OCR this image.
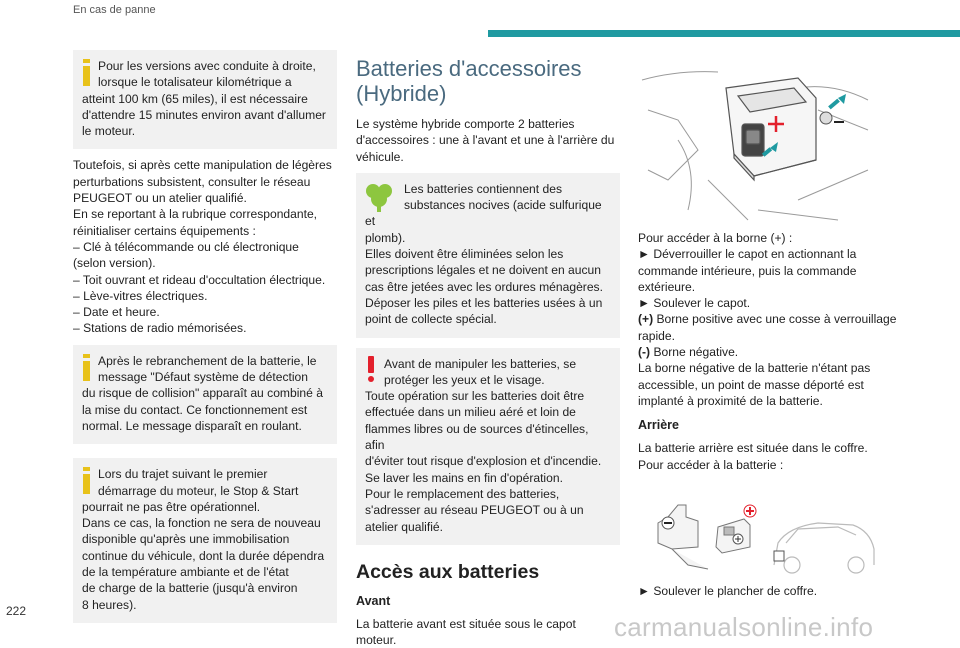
En cas de panne

Pour les versions avec conduite à droite,

lorsque le totalisateur kilométrique a

atteint 100 km (65 miles), il est nécessaire

d'attendre 15 minutes environ avant d'allumer

le moteur.

Toutefois, si après cette manipulation de légères

perturbations subsistent, consulter le réseau

PEUGEOT ou un atelier qualifié.

En se reportant à la rubrique correspondante,

réinitialiser certains équipements :

– Clé à télécommande ou clé électronique

(selon version).

– Toit ouvrant et rideau d'occultation électrique.

– Lève-vitres électriques.

– Date et heure.

– Stations de radio mémorisées.

Après le rebranchement de la batterie, le

message "Défaut système de détection

du risque de collision" apparaît au combiné à

la mise du contact. Ce fonctionnement est

normal. Le message disparaît en roulant.

Lors du trajet suivant le premier

démarrage du moteur, le Stop & Start

pourrait ne pas être opérationnel.

Dans ce cas, la fonction ne sera de nouveau

disponible qu'après une immobilisation

continue du véhicule, dont la durée dépendra

de la température ambiante et de l'état

de charge de la batterie (jusqu'à environ

8 heures).

Batteries d'accessoires
(Hybride)

Le système hybride comporte 2 batteries

d'accessoires : une à l'avant et une à l'arrière du

véhicule.

Les batteries contiennent des

substances nocives (acide sulfurique et

plomb).

Elles doivent être éliminées selon les

prescriptions légales et ne doivent en aucun

cas être jetées avec les ordures ménagères.

Déposer les piles et les batteries usées à un

point de collecte spécial.

Avant de manipuler les batteries, se

protéger les yeux et le visage.

Toute opération sur les batteries doit être

effectuée dans un milieu aéré et loin de

flammes libres ou de sources d'étincelles, afin

d'éviter tout risque d'explosion et d'incendie.

Se laver les mains en fin d'opération.

Pour le remplacement des batteries,

s'adresser au réseau PEUGEOT ou à un

atelier qualifié.

Accès aux batteries
Avant

La batterie avant est située sous le capot

moteur.

Pour accéder à la borne (+) :

► Déverrouiller le capot en actionnant la

commande intérieure, puis la commande

extérieure.

► Soulever le capot.

(+) Borne positive avec une cosse à verrouillage

rapide.

(-) Borne négative.

La borne négative de la batterie n'étant pas

accessible, un point de masse déporté est

implanté à proximité de la batterie.

Arrière

La batterie arrière est située dans le coffre.

Pour accéder à la batterie :

► Soulever le plancher de coffre.

222
carmanualsonline.info
